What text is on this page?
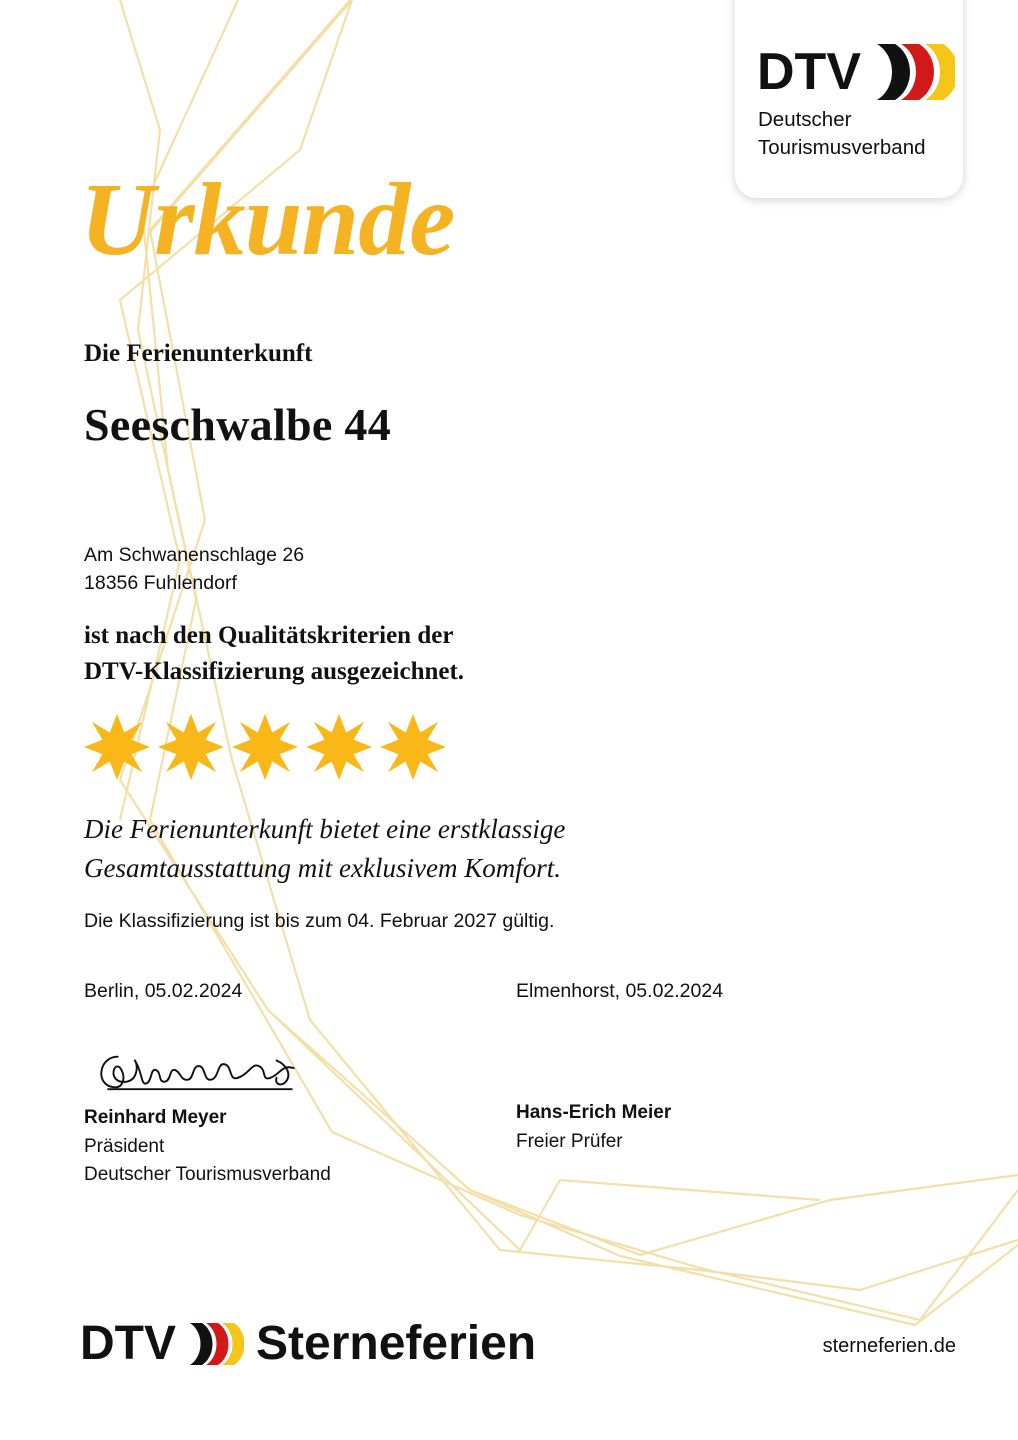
DTV
Deutscher
Tourismusverband
Urkunde
Die Ferienunterkunft
Seeschwalbe 44
Am Schwanenschlage 26
18356 Fuhlendorf
ist nach den Qualitätskriterien der
DTV-Klassifizierung ausgezeichnet.
Die Ferienunterkunft bietet eine erstklassige
Gesamtausstattung mit exklusivem Komfort.
Die Klassifizierung ist bis zum 04. Februar 2027 gültig.
Berlin, 05.02.2024
Reinhard Meyer
Präsident
Deutscher Tourismusverband
Elmenhorst, 05.02.2024
Hans-Erich Meier
Freier Prüfer
DTV Sterneferien	sterneferien.de
